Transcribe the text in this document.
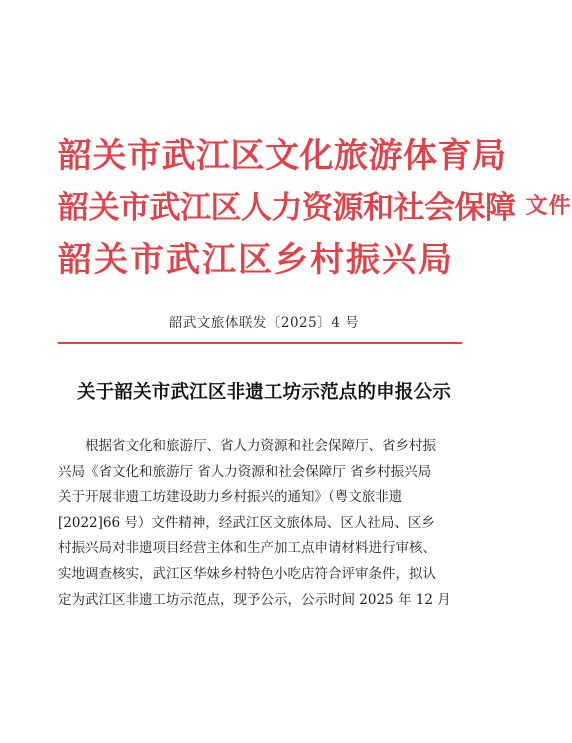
韶关市武江区文化旅游体育局
韶关市武江区人力资源和社会保障 文件
韶关市武江区乡村振兴局
韶武文旅体联发〔2025〕4 号
关于韶关市武江区非遗工坊示范点的申报公示
根据省文化和旅游厅、省人力资源和社会保障厅、省乡村振
兴局《省文化和旅游厅 省人力资源和社会保障厅 省乡村振兴局
关于开展非遗工坊建设助力乡村振兴的通知》（粤文旅非遗
[2022]66 号）文件精神，经武江区文旅体局、区人社局、区乡
村振兴局对非遗项目经营主体和生产加工点申请材料进行审核、
实地调查核实，武江区华妹乡村特色小吃店符合评审条件，拟认
定为武江区非遗工坊示范点，现予公示，公示时间 2025 年 12 月
